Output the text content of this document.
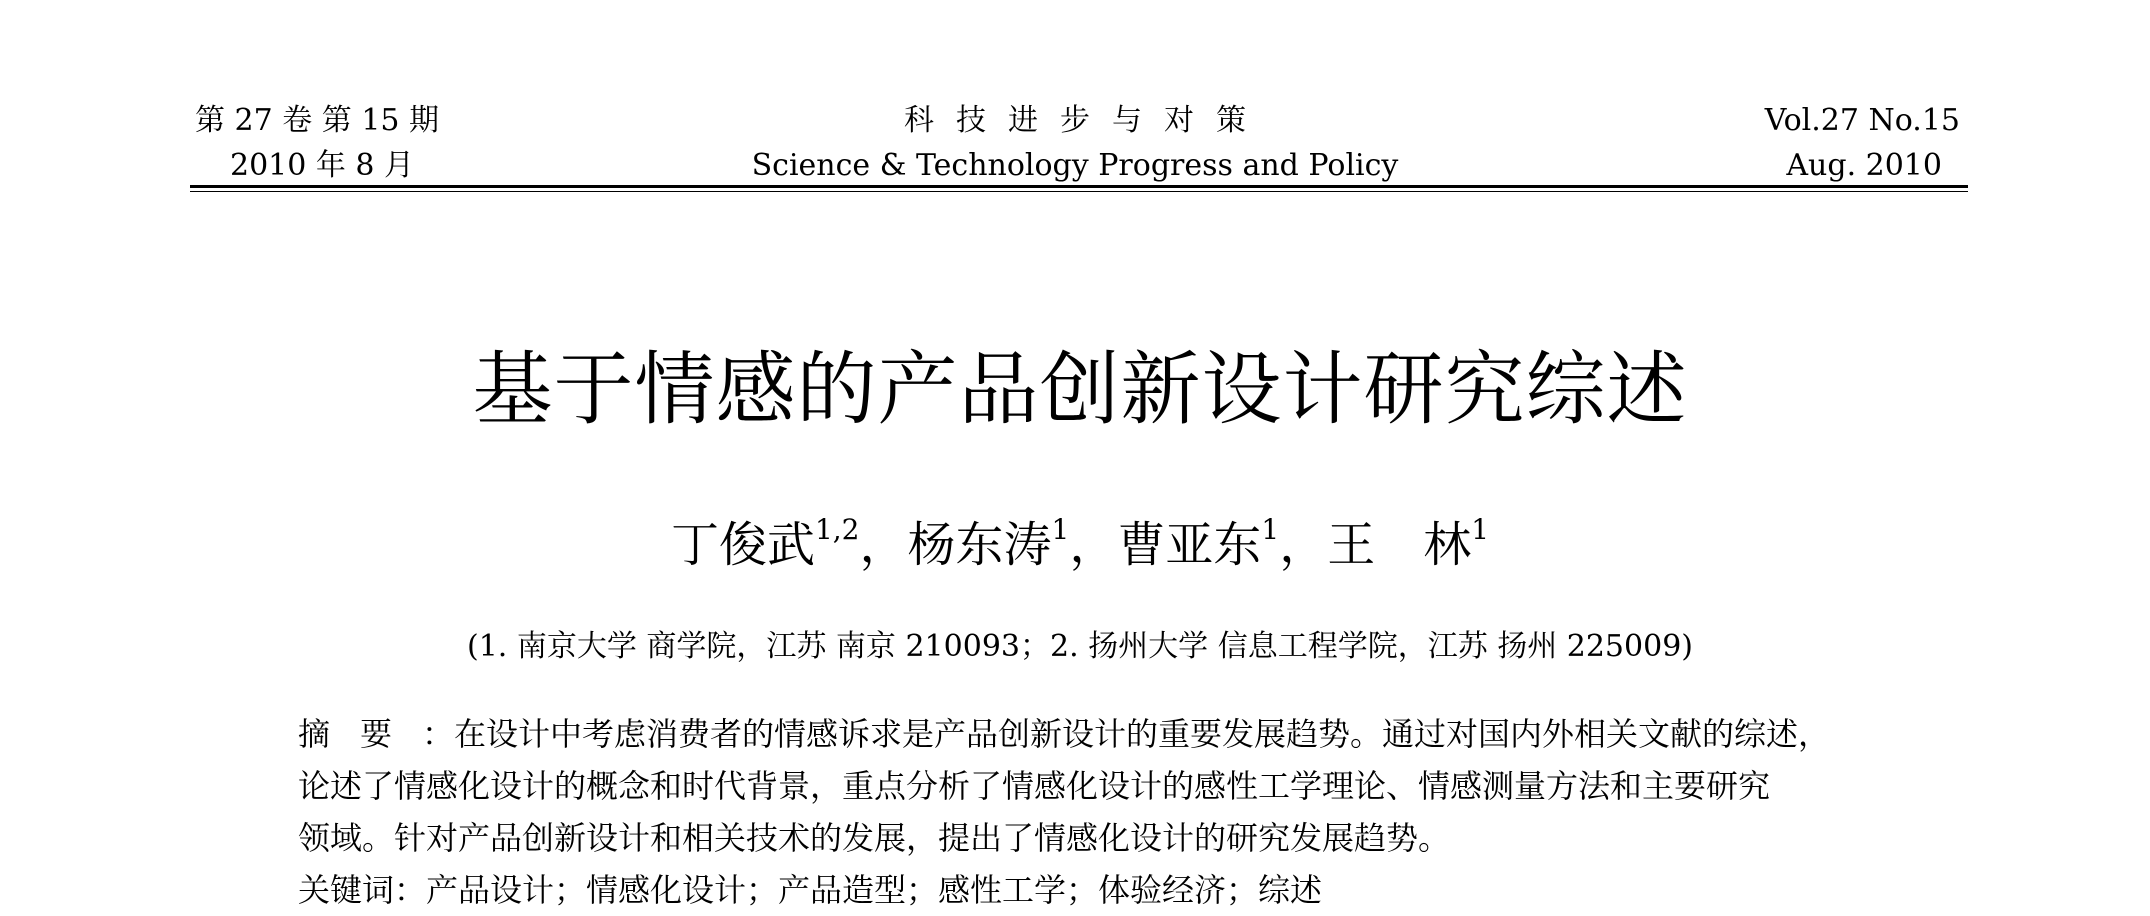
第 27 卷 第 15 期
2010 年 8 月
科技进步与对策
Science & Technology Progress and Policy
Vol.27 No.15
Aug. 2010
基于情感的产品创新设计研究综述
丁俊武$^{1,2}$，杨东涛$^1$，曹亚东$^1$，王　林$^1$
(1. 南京大学 商学院，江苏 南京 210093；2. 扬州大学 信息工程学院，江苏 扬州 225009)
摘要：在设计中考虑消费者的情感诉求是产品创新设计的重要发展趋势。通过对国内外相关文献的综述，
论述了情感化设计的概念和时代背景，重点分析了情感化设计的感性工学理论、情感测量方法和主要研究
领域。针对产品创新设计和相关技术的发展，提出了情感化设计的研究发展趋势。
关键词：产品设计；情感化设计；产品造型；感性工学；体验经济；综述
